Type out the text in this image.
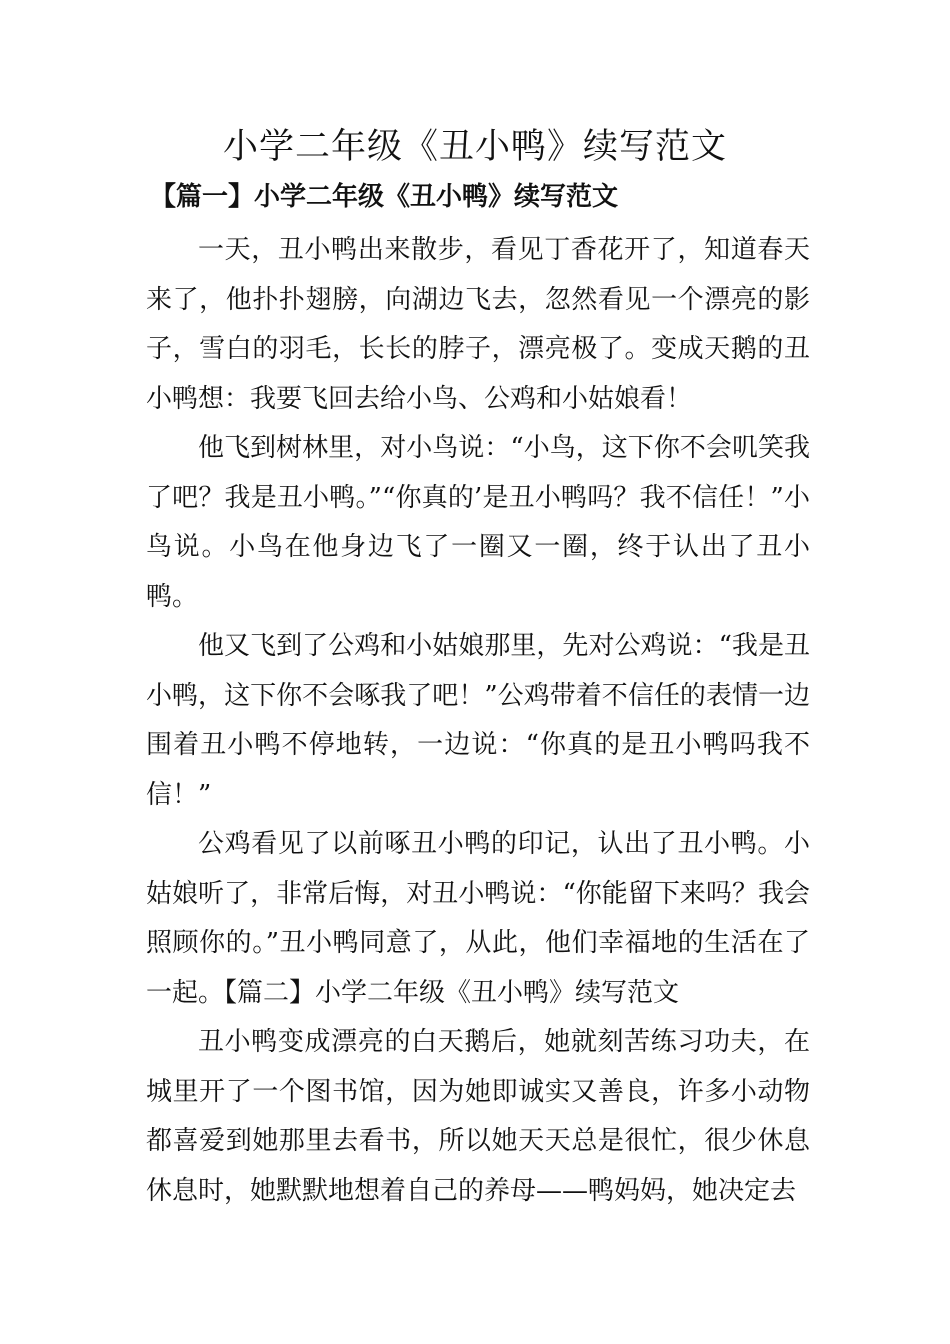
小学二年级《丑小鸭》续写范文
【篇一】小学二年级《丑小鸭》续写范文

一天，丑小鸭出来散步，看见丁香花开了，知道春天来了，他扑扑翅膀，向湖边飞去，忽然看见一个漂亮的影子，雪白的羽毛，长长的脖子，漂亮极了。变成天鹅的丑小鸭想：我要飞回去给小鸟、公鸡和小姑娘看！

他飞到树林里，对小鸟说：“小鸟，这下你不会叽笑我了吧？我是丑小鸭。”“你真的’是丑小鸭吗？我不信任！”小鸟说。小鸟在他身边飞了一圈又一圈，终于认出了丑小鸭。

他又飞到了公鸡和小姑娘那里，先对公鸡说：“我是丑小鸭，这下你不会啄我了吧！”公鸡带着不信任的表情一边围着丑小鸭不停地转，一边说：“你真的是丑小鸭吗我不信！”

公鸡看见了以前啄丑小鸭的印记，认出了丑小鸭。小姑娘听了，非常后悔，对丑小鸭说：“你能留下来吗？我会照顾你的。”丑小鸭同意了，从此，他们幸福地的生活在了一起。【篇二】小学二年级《丑小鸭》续写范文

丑小鸭变成漂亮的白天鹅后，她就刻苦练习功夫，在城里开了一个图书馆，因为她即诚实又善良，许多小动物都喜爱到她那里去看书，所以她天天总是很忙，很少休息休息时，她默默地想着自己的养母——鸭妈妈，她决定去
